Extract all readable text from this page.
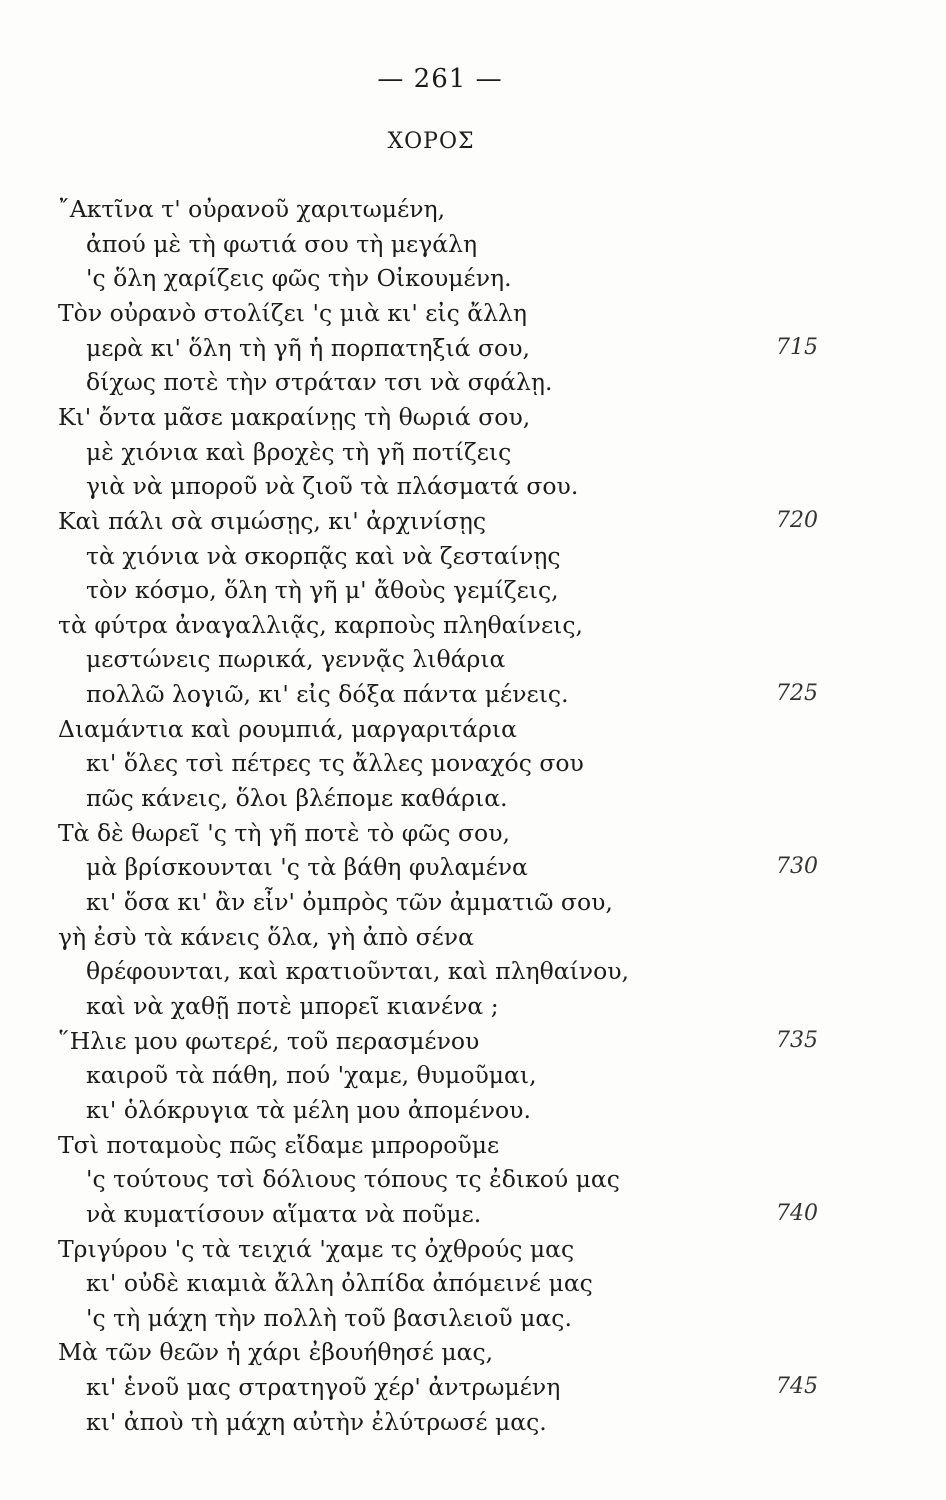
— 261 —
ΧΟΡΟΣ
῎Ακτῖνα τ' οὐρανοῦ χαριτωμένη,
ἀπού μὲ τὴ φωτιά σου τὴ μεγάλη
'ς ὅλη χαρίζεις φῶς τὴν Οἰκουμένη.
Τὸν οὐρανὸ στολίζει 'ς μιὰ κι' εἰς ἄλλη
μερὰ κι' ὅλη τὴ γῆ ἡ πορπατηξιά σου,	715
δίχως ποτὲ τὴν στράταν τσι νὰ σφάλῃ.
Κι' ὄντα μᾶσε μακραίνῃς τὴ θωριά σου,
μὲ χιόνια καὶ βροχὲς τὴ γῆ ποτίζεις
γιὰ νὰ μποροῦ νὰ ζιοῦ τὰ πλάσματά σου.
Καὶ πάλι σὰ σιμώσῃς, κι' ἀρχινίσῃς	720
τὰ χιόνια νὰ σκορπᾷς καὶ νὰ ζεσταίνῃς
τὸν κόσμο, ὅλη τὴ γῆ μ' ἄθοὺς γεμίζεις,
τὰ φύτρα ἀναγαλλιᾷς, καρποὺς πληθαίνεις,
μεστώνεις πωρικά, γεννᾷς λιθάρια
πολλῶ λογιῶ, κι' εἰς δόξα πάντα μένεις.	725
Διαμάντια καὶ ρουμπιά, μαργαριτάρια
κι' ὅλες τσὶ πέτρες τς ἄλλες μοναχός σου
πῶς κάνεις, ὅλοι βλέπομε καθάρια.
Τὰ δὲ θωρεῖ 'ς τὴ γῆ ποτὲ τὸ φῶς σου,
μὰ βρίσκουνται 'ς τὰ βάθη φυλαμένα	730
κι' ὅσα κι' ἂν εἶν' ὀμπρὸς τῶν ἀμματιῶ σου,
γὴ ἐσὺ τὰ κάνεις ὅλα, γὴ ἀπὸ σένα
θρέφουνται, καὶ κρατιοῦνται, καὶ πληθαίνου,
καὶ νὰ χαθῇ ποτὲ μπορεῖ κιανένα ;
῞Ηλιε μου φωτερέ, τοῦ περασμένου	735
καιροῦ τὰ πάθη, πού 'χαμε, θυμοῦμαι,
κι' ὁλόκρυγια τὰ μέλη μου ἀπομένου.
Τσὶ ποταμοὺς πῶς εἴδαμε μπροροῦμε
'ς τούτους τσὶ δόλιους τόπους τς ἐδικού μας
νὰ κυματίσουν αἵματα νὰ ποῦμε.	740
Τριγύρου 'ς τὰ τειχιά 'χαμε τς ὀχθρούς μας
κι' οὐδὲ κιαμιὰ ἄλλη ὀλπίδα ἀπόμεινέ μας
'ς τὴ μάχη τὴν πολλὴ τοῦ βασιλειοῦ μας.
Μὰ τῶν θεῶν ἡ χάρι ἐβουήθησέ μας,
κι' ἑνοῦ μας στρατηγοῦ χέρ' ἀντρωμένη	745
κι' ἀποὺ τὴ μάχη αὐτὴν ἐλύτρωσέ μας.
